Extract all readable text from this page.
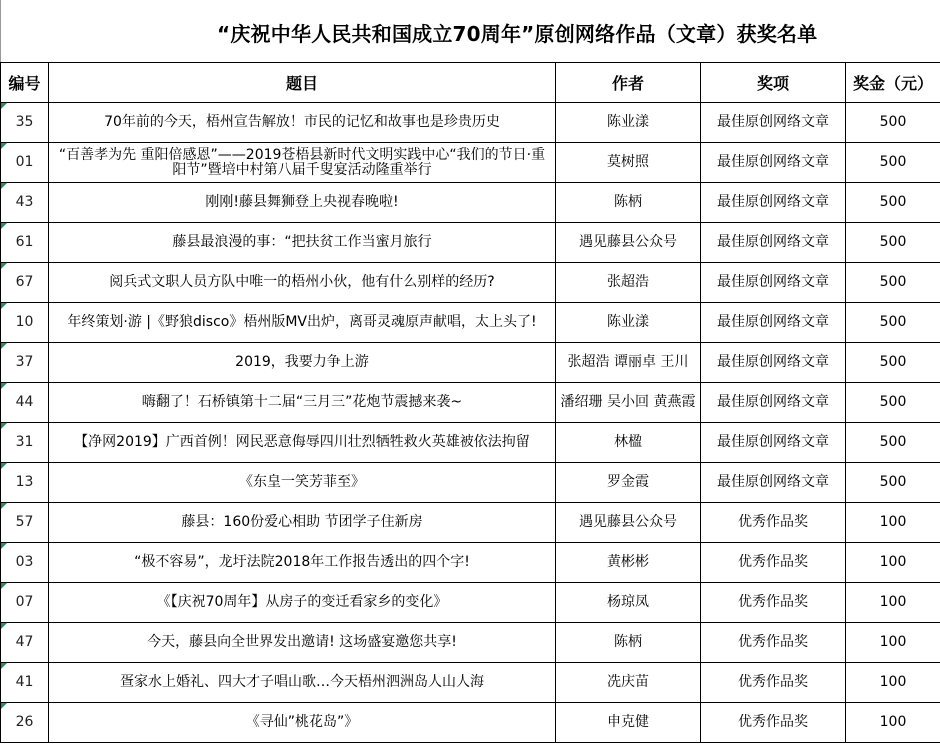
“庆祝中华人民共和国成立70周年”原创网络作品（文章）获奖名单
编号	题目	作者	奖项	奖金（元）
35	70年前的今天，梧州宣告解放！市民的记忆和故事也是珍贵历史	陈业漾	最佳原创网络文章	500
01	“百善孝为先 重阳倍感恩”——2019苍梧县新时代文明实践中心“我们的节日·重阳节”暨培中村第八届千叟宴活动隆重举行	莫树照	最佳原创网络文章	500
43	刚刚!藤县舞狮登上央视春晚啦!	陈柄	最佳原创网络文章	500
61	藤县最浪漫的事：“把扶贫工作当蜜月旅行	遇见藤县公众号	最佳原创网络文章	500
67	阅兵式文职人员方队中唯一的梧州小伙，他有什么别样的经历?	张超浩	最佳原创网络文章	500
10	年终策划·游 |《野狼disco》梧州版MV出炉，离哥灵魂原声献唱，太上头了!	陈业漾	最佳原创网络文章	500
37	2019，我要力争上游	张超浩 谭丽卓 王川	最佳原创网络文章	500
44	嗨翻了！石桥镇第十二届“三月三”花炮节震撼来袭~	潘绍珊 吴小回 黄燕霞	最佳原创网络文章	500
31	【净网2019】广西首例！网民恶意侮辱四川壮烈牺牲救火英雄被依法拘留	林楹	最佳原创网络文章	500
13	《东皇一笑芳菲至》	罗金霞	最佳原创网络文章	500
57	藤县：160份爱心相助 节团学子住新房	遇见藤县公众号	优秀作品奖	100
03	“极不容易”，龙圩法院2018年工作报告透出的四个字!	黄彬彬	优秀作品奖	100
07	《【庆祝70周年】从房子的变迁看家乡的变化》	杨琼凤	优秀作品奖	100
47	今天，藤县向全世界发出邀请! 这场盛宴邀您共享!	陈柄	优秀作品奖	100
41	疍家水上婚礼、四大才子唱山歌…今天梧州泗洲岛人山人海	冼庆苗	优秀作品奖	100
26	《寻仙”桃花岛”》	申克健	优秀作品奖	100
